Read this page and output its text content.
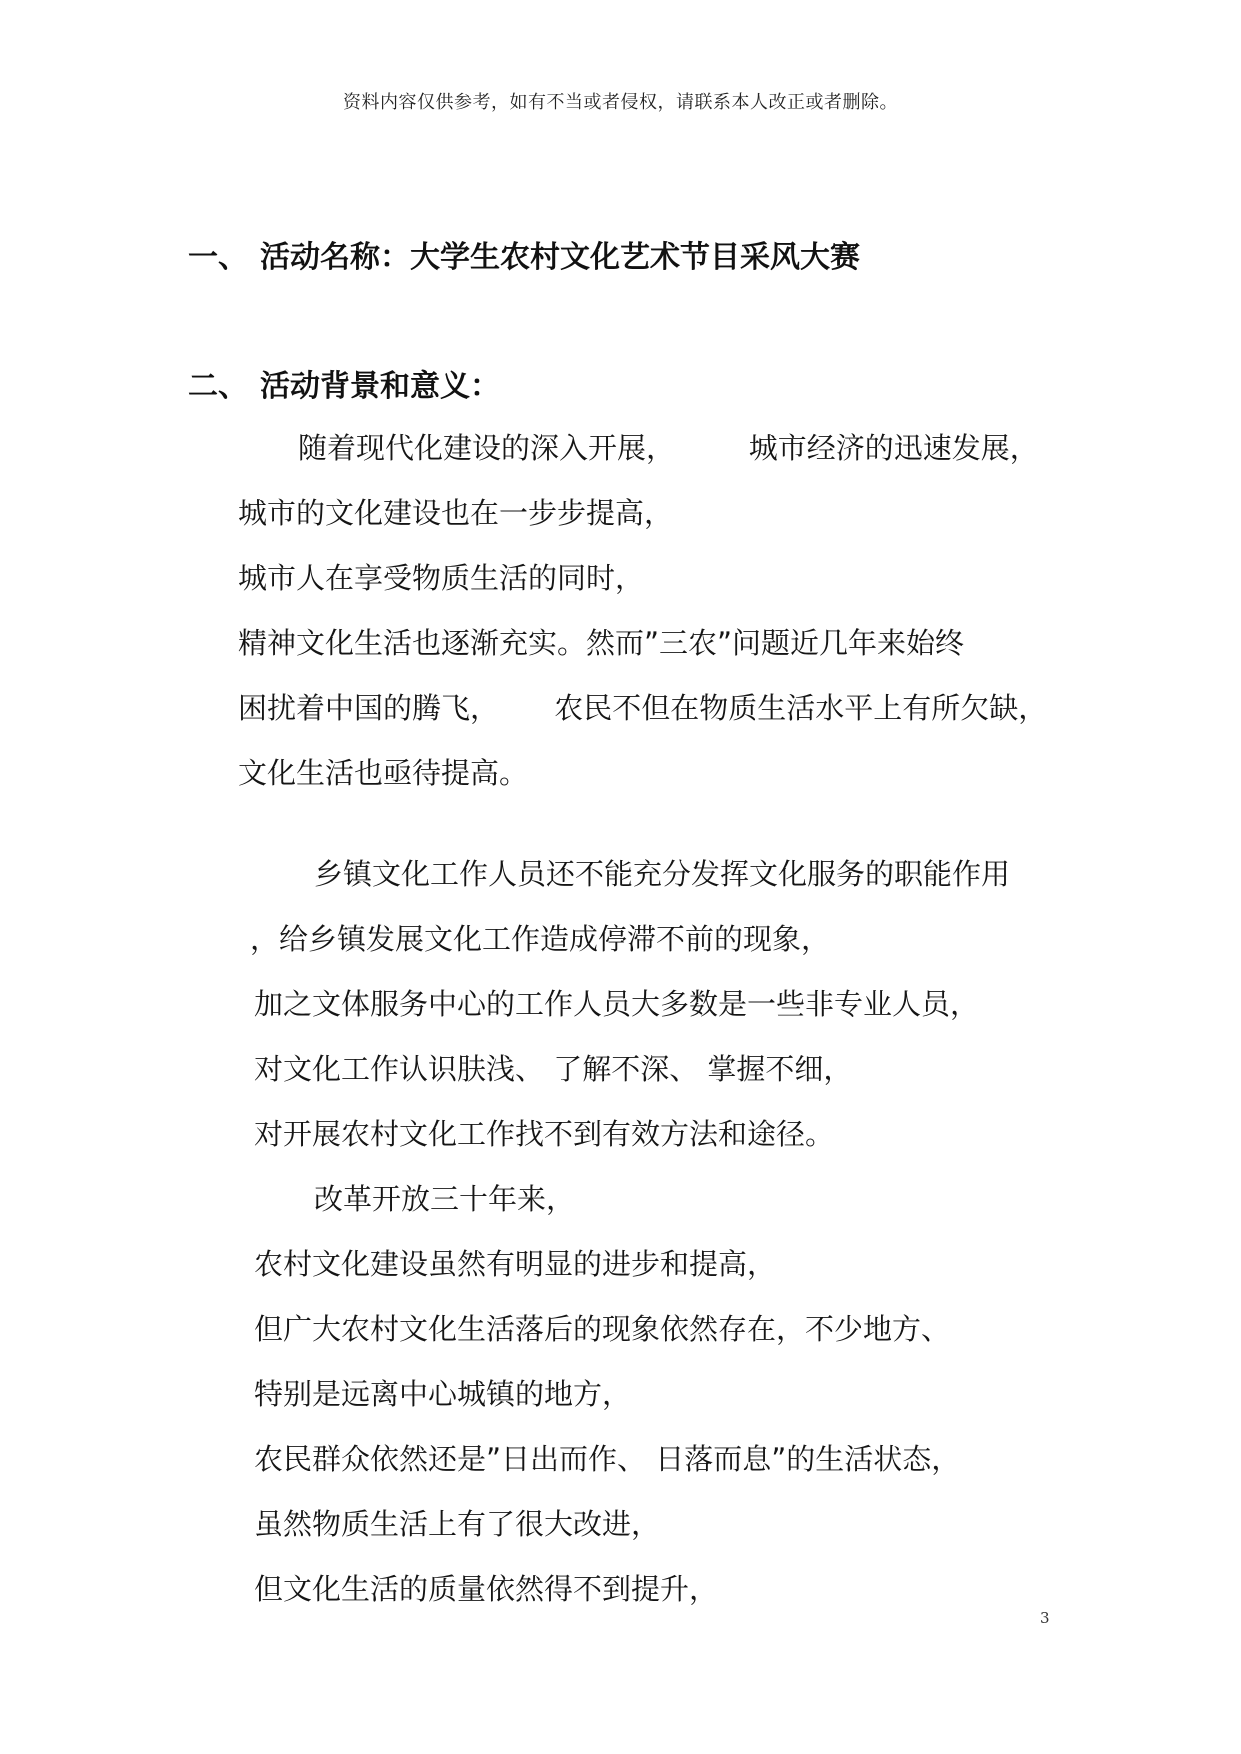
资料内容仅供参考，如有不当或者侵权，请联系本人改正或者删除。
一、 活动名称：大学生农村文化艺术节目采风大赛
二、 活动背景和意义：
随着现代化建设的深入开展，        城市经济的迅速发展，
城市的文化建设也在一步步提高，
城市人在享受物质生活的同时，
精神文化生活也逐渐充实。然而”三农”问题近几年来始终
困扰着中国的腾飞，      农民不但在物质生活水平上有所欠缺，
文化生活也亟待提高。
乡镇文化工作人员还不能充分发挥文化服务的职能作用
，给乡镇发展文化工作造成停滞不前的现象，
加之文体服务中心的工作人员大多数是一些非专业人员，
对文化工作认识肤浅、 了解不深、 掌握不细，
对开展农村文化工作找不到有效方法和途径。
改革开放三十年来，
农村文化建设虽然有明显的进步和提高，
但广大农村文化生活落后的现象依然存在，不少地方、
特别是远离中心城镇的地方，
农民群众依然还是”日出而作、 日落而息”的生活状态，
虽然物质生活上有了很大改进，
但文化生活的质量依然得不到提升，
3
